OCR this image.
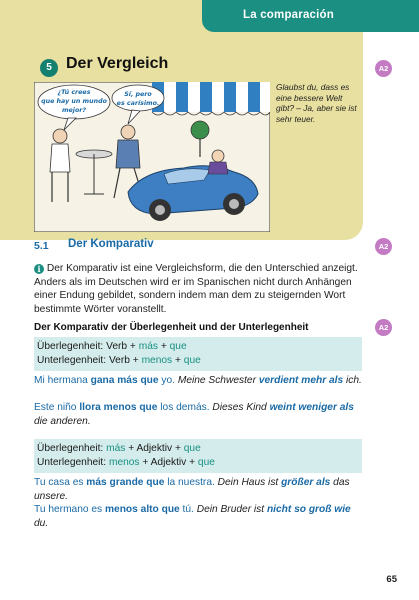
La comparación
A2
A2
A2
5 Der Vergleich
¿Tú crees
que hay un mundo
mejor?
Sí, pero
es carísimo.
Glaubst du, dass es eine bessere Welt gibt? – Ja, aber sie ist sehr teuer.
5.1 Der Komparativ
i Der Komparativ ist eine Vergleichsform, die den Unterschied anzeigt. Anders als im Deutschen wird er im Spanischen nicht durch Anhängen einer Endung gebildet, sondern indem man dem zu steigernden Wort bestimmte Wörter voranstellt.
Der Komparativ der Überlegenheit und der Unterlegenheit
Überlegenheit: Verb + más + que
Unterlegenheit: Verb + menos + que
Mi hermana gana más que yo. Meine Schwester verdient mehr als ich.
Este niño llora menos que los demás. Dieses Kind weint weniger als die anderen.
Überlegenheit: más + Adjektiv + que
Unterlegenheit: menos + Adjektiv + que
Tu casa es más grande que la nuestra. Dein Haus ist größer als das unsere.
Tu hermano es menos alto que tú. Dein Bruder ist nicht so groß wie du.
65
